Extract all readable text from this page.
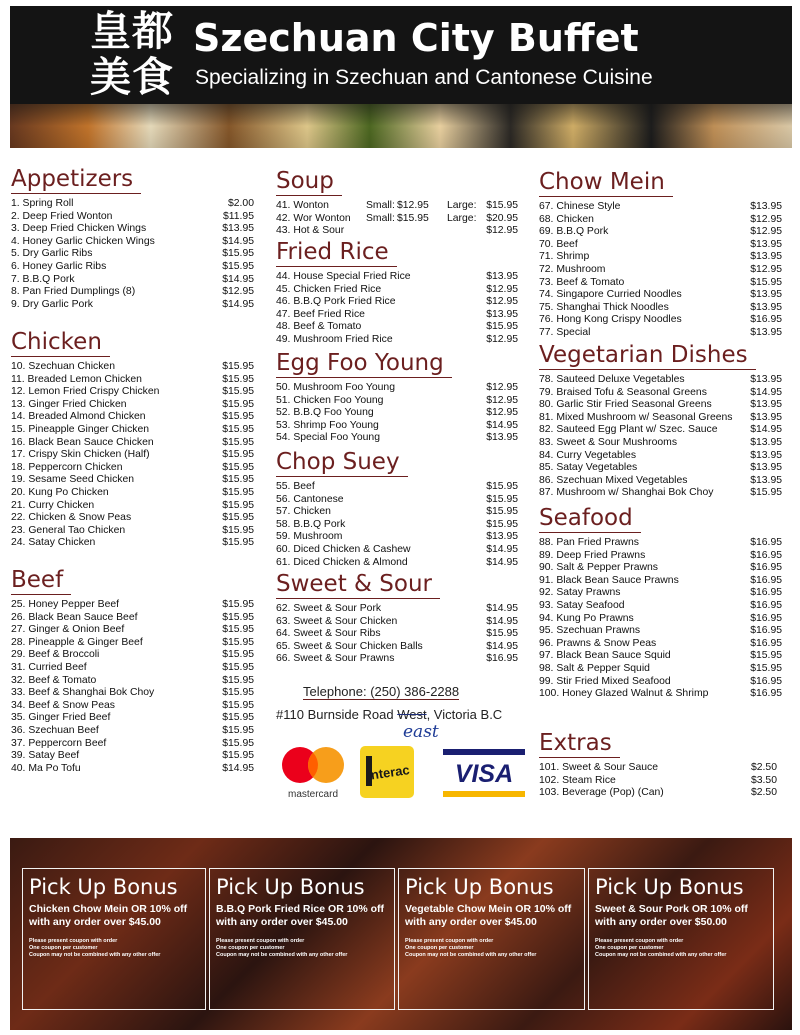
皇都
美食
Szechuan City Buffet
Specializing in Szechuan and Cantonese Cuisine
Appetizers
1. Spring Roll	$2.00
2. Deep Fried Wonton	$11.95
3. Deep Fried Chicken Wings	$13.95
4. Honey Garlic Chicken Wings	$14.95
5. Dry Garlic Ribs	$15.95
6. Honey Garlic Ribs	$15.95
7. B.B.Q Pork	$14.95
8. Pan Fried Dumplings (8)	$12.95
9. Dry Garlic Pork	$14.95
Chicken
10. Szechuan Chicken	$15.95
11. Breaded Lemon Chicken	$15.95
12. Lemon Fried Crispy Chicken	$15.95
13. Ginger Fried Chicken	$15.95
14. Breaded Almond Chicken	$15.95
15. Pineapple Ginger Chicken	$15.95
16. Black Bean Sauce Chicken	$15.95
17. Crispy Skin Chicken (Half)	$15.95
18. Peppercorn Chicken	$15.95
19. Sesame Seed Chicken	$15.95
20. Kung Po Chicken	$15.95
21. Curry Chicken	$15.95
22. Chicken & Snow Peas	$15.95
23. General Tao Chicken	$15.95
24. Satay Chicken	$15.95
Beef
25. Honey Pepper Beef	$15.95
26. Black Bean Sauce Beef	$15.95
27. Ginger & Onion Beef	$15.95
28. Pineapple & Ginger Beef	$15.95
29. Beef & Broccoli	$15.95
31. Curried Beef	$15.95
32. Beef & Tomato	$15.95
33. Beef & Shanghai Bok Choy	$15.95
34. Beef & Snow Peas	$15.95
35. Ginger Fried Beef	$15.95
36. Szechuan Beef	$15.95
37. Peppercorn Beef	$15.95
39. Satay Beef	$15.95
40. Ma Po Tofu	$14.95
Soup
41. Wonton	Small: $12.95 Large: $15.95
42. Wor Wonton Small: $15.95 Large: $20.95
43. Hot & Sour	$12.95
Fried Rice
44. House Special Fried Rice	$13.95
45. Chicken Fried Rice	$12.95
46. B.B.Q Pork Fried Rice	$12.95
47. Beef Fried Rice	$13.95
48. Beef & Tomato	$15.95
49. Mushroom Fried Rice	$12.95
Egg Foo Young
50. Mushroom Foo Young	$12.95
51. Chicken Foo Young	$12.95
52. B.B.Q Foo Young	$12.95
53. Shrimp Foo Young	$14.95
54. Special Foo Young	$13.95
Chop Suey
55. Beef	$15.95
56. Cantonese	$15.95
57. Chicken	$15.95
58. B.B.Q Pork	$15.95
59. Mushroom	$13.95
60. Diced Chicken & Cashew	$14.95
61. Diced Chicken & Almond	$14.95
Sweet & Sour
62. Sweet & Sour Pork	$14.95
63. Sweet & Sour Chicken	$14.95
64. Sweet & Sour Ribs	$15.95
65. Sweet & Sour Chicken Balls	$14.95
66. Sweet & Sour Prawns	$16.95
Telephone: (250) 386-2288
#110 Burnside Road West, Victoria B.C
east
mastercard
Interac VISA
Chow Mein
67. Chinese Style	$13.95
68. Chicken	$12.95
69. B.B.Q Pork	$12.95
70. Beef	$13.95
71. Shrimp	$13.95
72. Mushroom	$12.95
73. Beef & Tomato	$15.95
74. Singapore Curried Noodles	$13.95
75. Shanghai Thick Noodles	$13.95
76. Hong Kong Crispy Noodles	$16.95
77. Special	$13.95
Vegetarian Dishes
78. Sauteed Deluxe Vegetables	$13.95
79. Braised Tofu & Seasonal Greens	$14.95
80. Garlic Stir Fried Seasonal Greens	$13.95
81. Mixed Mushroom w/ Seasonal Greens $13.95
82. Sauteed Egg Plant w/ Szec. Sauce	$14.95
83. Sweet & Sour Mushrooms	$13.95
84. Curry Vegetables	$13.95
85. Satay Vegetables	$13.95
86. Szechuan Mixed Vegetables	$13.95
87. Mushroom w/ Shanghai Bok Choy	$15.95
Seafood
88. Pan Fried Prawns	$16.95
89. Deep Fried Prawns	$16.95
90. Salt & Pepper Prawns	$16.95
91. Black Bean Sauce Prawns	$16.95
92. Satay Prawns	$16.95
93. Satay Seafood	$16.95
94. Kung Po Prawns	$16.95
95. Szechuan Prawns	$16.95
96. Prawns & Snow Peas	$16.95
97. Black Bean Sauce Squid	$15.95
98. Salt & Pepper Squid	$15.95
99. Stir Fried Mixed Seafood	$16.95
100. Honey Glazed Walnut & Shrimp	$16.95
Extras
101. Sweet & Sour Sauce	$2.50
102. Steam Rice	$3.50
103. Beverage (Pop) (Can)	$2.50
Pick Up Bonus
Chicken Chow Mein OR 10% off with any order over $45.00
Please present coupon with order
One coupon per customer
Coupon may not be combined with any other offer
Pick Up Bonus
B.B.Q Pork Fried Rice OR 10% off with any order over $45.00
Please present coupon with order
One coupon per customer
Coupon may not be combined with any other offer
Pick Up Bonus
Vegetable Chow Mein OR 10% off with any order over $45.00
Please present coupon with order
One coupon per customer
Coupon may not be combined with any other offer
Pick Up Bonus
Sweet & Sour Pork OR 10% off with any order over $50.00
Please present coupon with order
One coupon per customer
Coupon may not be combined with any other offer
